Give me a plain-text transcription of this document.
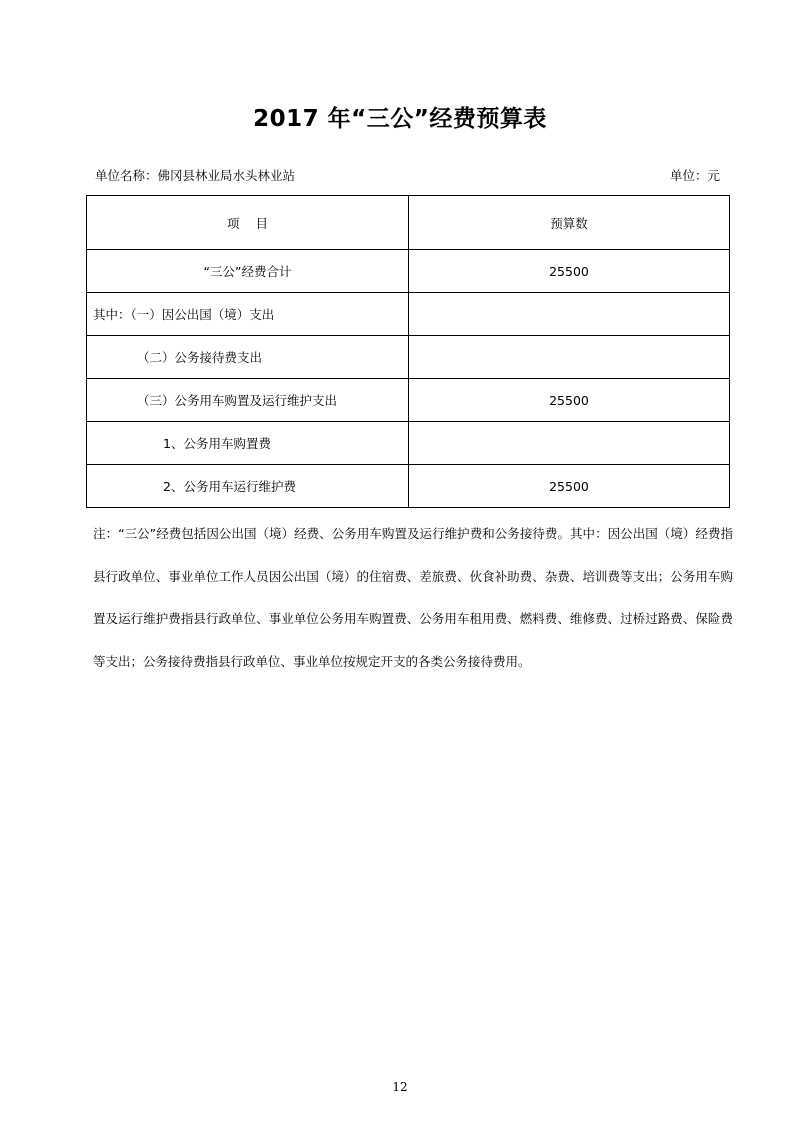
2017 年“三公”经费预算表
单位名称：佛冈县林业局水头林业站	单位：元
项    目	预算数
“三公”经费合计	25500
其中：（一）因公出国（境）支出	
（二）公务接待费支出	
（三）公务用车购置及运行维护支出	25500
1、公务用车购置费	
2、公务用车运行维护费	25500
注：“三公”经费包括因公出国（境）经费、公务用车购置及运行维护费和公务接待费。其中：因公出国（境）经费指县行政单位、事业单位工作人员因公出国（境）的住宿费、差旅费、伙食补助费、杂费、培训费等支出；公务用车购置及运行维护费指县行政单位、事业单位公务用车购置费、公务用车租用费、燃料费、维修费、过桥过路费、保险费等支出；公务接待费指县行政单位、事业单位按规定开支的各类公务接待费用。
12
